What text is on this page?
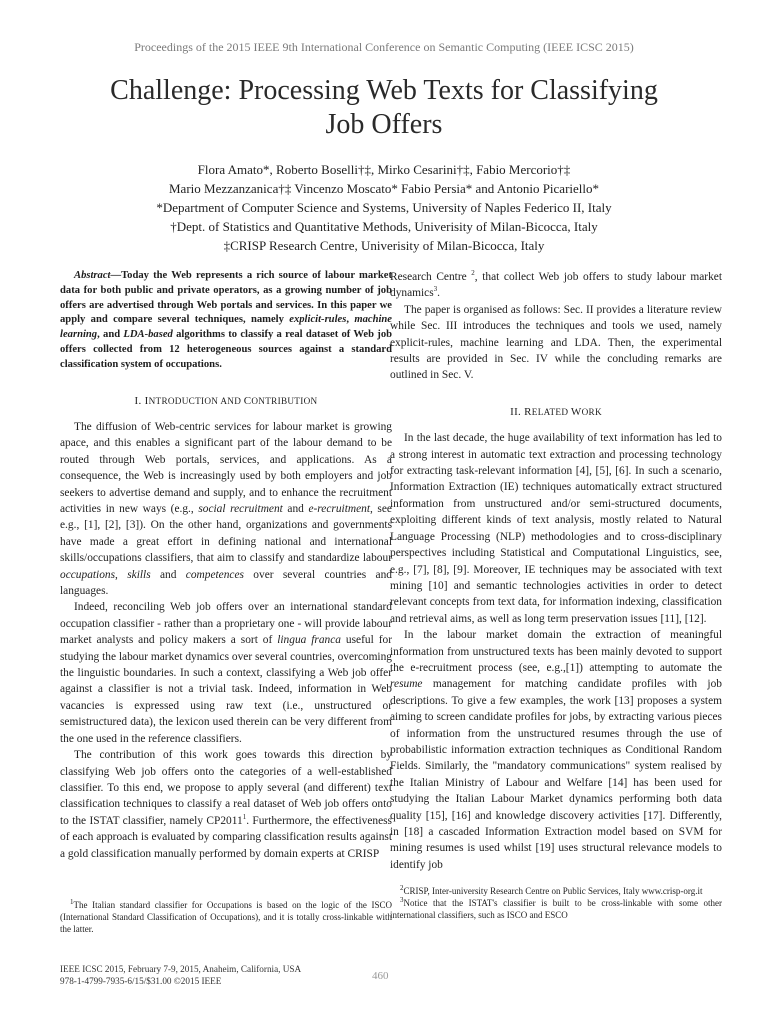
Proceedings of the 2015 IEEE 9th International Conference on Semantic Computing (IEEE ICSC 2015)
Challenge: Processing Web Texts for Classifying
Job Offers
Flora Amato*, Roberto Boselli†‡, Mirko Cesarini†‡, Fabio Mercorio†‡
Mario Mezzanzanica†‡ Vincenzo Moscato* Fabio Persia* and Antonio Picariello*
*Department of Computer Science and Systems, University of Naples Federico II, Italy
†Dept. of Statistics and Quantitative Methods, Univerisity of Milan-Bicocca, Italy
‡CRISP Research Centre, Univerisity of Milan-Bicocca, Italy

Abstract—Today the Web represents a rich source of labour market data for both public and private operators, as a growing number of job offers are advertised through Web portals and services. In this paper we apply and compare several techniques, namely explicit-rules, machine learning, and LDA-based algorithms to classify a real dataset of Web job offers collected from 12 heterogeneous sources against a standard classification system of occupations.

I. INTRODUCTION AND CONTRIBUTION

The diffusion of Web-centric services for labour market is growing apace, and this enables a significant part of the labour demand to be routed through Web portals, services, and applications. As a consequence, the Web is increasingly used by both employers and job seekers to advertise demand and supply, and to enhance the recruitment activities in new ways (e.g., social recruitment and e-recruitment, see e.g., [1], [2], [3]). On the other hand, organizations and governments have made a great effort in defining national and international skills/occupations classifiers, that aim to classify and standardize labour occupations, skills and competences over several countries and languages.

Indeed, reconciling Web job offers over an international standard occupation classifier - rather than a proprietary one - will provide labour market analysts and policy makers a sort of lingua franca useful for studying the labour market dynamics over several countries, overcoming the linguistic boundaries. In such a context, classifying a Web job offer against a classifier is not a trivial task. Indeed, information in Web vacancies is expressed using raw text (i.e., unstructured or semistructured data), the lexicon used therein can be very different from the one used in the reference classifiers.

The contribution of this work goes towards this direction by classifying Web job offers onto the categories of a well-established classifier. To this end, we propose to apply several (and different) text classification techniques to classify a real dataset of Web job offers onto to the ISTAT classifier, namely CP2011$^1$. Furthermore, the effectiveness of each approach is evaluated by comparing classification results against a gold classification manually performed by domain experts at CRISP

Research Centre $^2$, that collect Web job offers to study labour market dynamics$^3$.

The paper is organised as follows: Sec. II provides a literature review while Sec. III introduces the techniques and tools we used, namely explicit-rules, machine learning and LDA. Then, the experimental results are provided in Sec. IV while the concluding remarks are outlined in Sec. V.

II. RELATED WORK

In the last decade, the huge availability of text information has led to a strong interest in automatic text extraction and processing technology for extracting task-relevant information [4], [5], [6]. In such a scenario, Information Extraction (IE) techniques automatically extract structured information from unstructured and/or semi-structured documents, exploiting different kinds of text analysis, mostly related to Natural Language Processing (NLP) methodologies and to cross-disciplinary perspectives including Statistical and Computational Linguistics, see, e.g., [7], [8], [9]. Moreover, IE techniques may be associated with text mining [10] and semantic technologies activities in order to detect relevant concepts from text data, for information indexing, classification and retrieval aims, as well as long term preservation issues [11], [12].

In the labour market domain the extraction of meaningful information from unstructured texts has been mainly devoted to support the e-recruitment process (see, e.g.,[1]) attempting to automate the resume management for matching candidate profiles with job descriptions. To give a few examples, the work [13] proposes a system aiming to screen candidate profiles for jobs, by extracting various pieces of information from the unstructured resumes through the use of probabilistic information extraction techniques as Conditional Random Fields. Similarly, the "mandatory communications" system realised by the Italian Ministry of Labour and Welfare [14] has been used for studying the Italian Labour Market dynamics performing both data quality [15], [16] and knowledge discovery activities [17]. Differently, in [18] a cascaded Information Extraction model based on SVM for mining resumes is used whilst [19] uses structural relevance models to identify job

$^1$The Italian standard classifier for Occupations is based on the logic of the ISCO (International Standard Classification of Occupations), and it is totally cross-linkable with the latter.

$^2$CRISP, Inter-university Research Centre on Public Services, Italy www.crisp-org.it

$^3$Notice that the ISTAT's classifier is built to be cross-linkable with some other international classifiers, such as ISCO and ESCO

IEEE ICSC 2015, February 7-9, 2015, Anaheim, California, USA
978-1-4799-7935-6/15/$31.00 ©2015 IEEE	460
